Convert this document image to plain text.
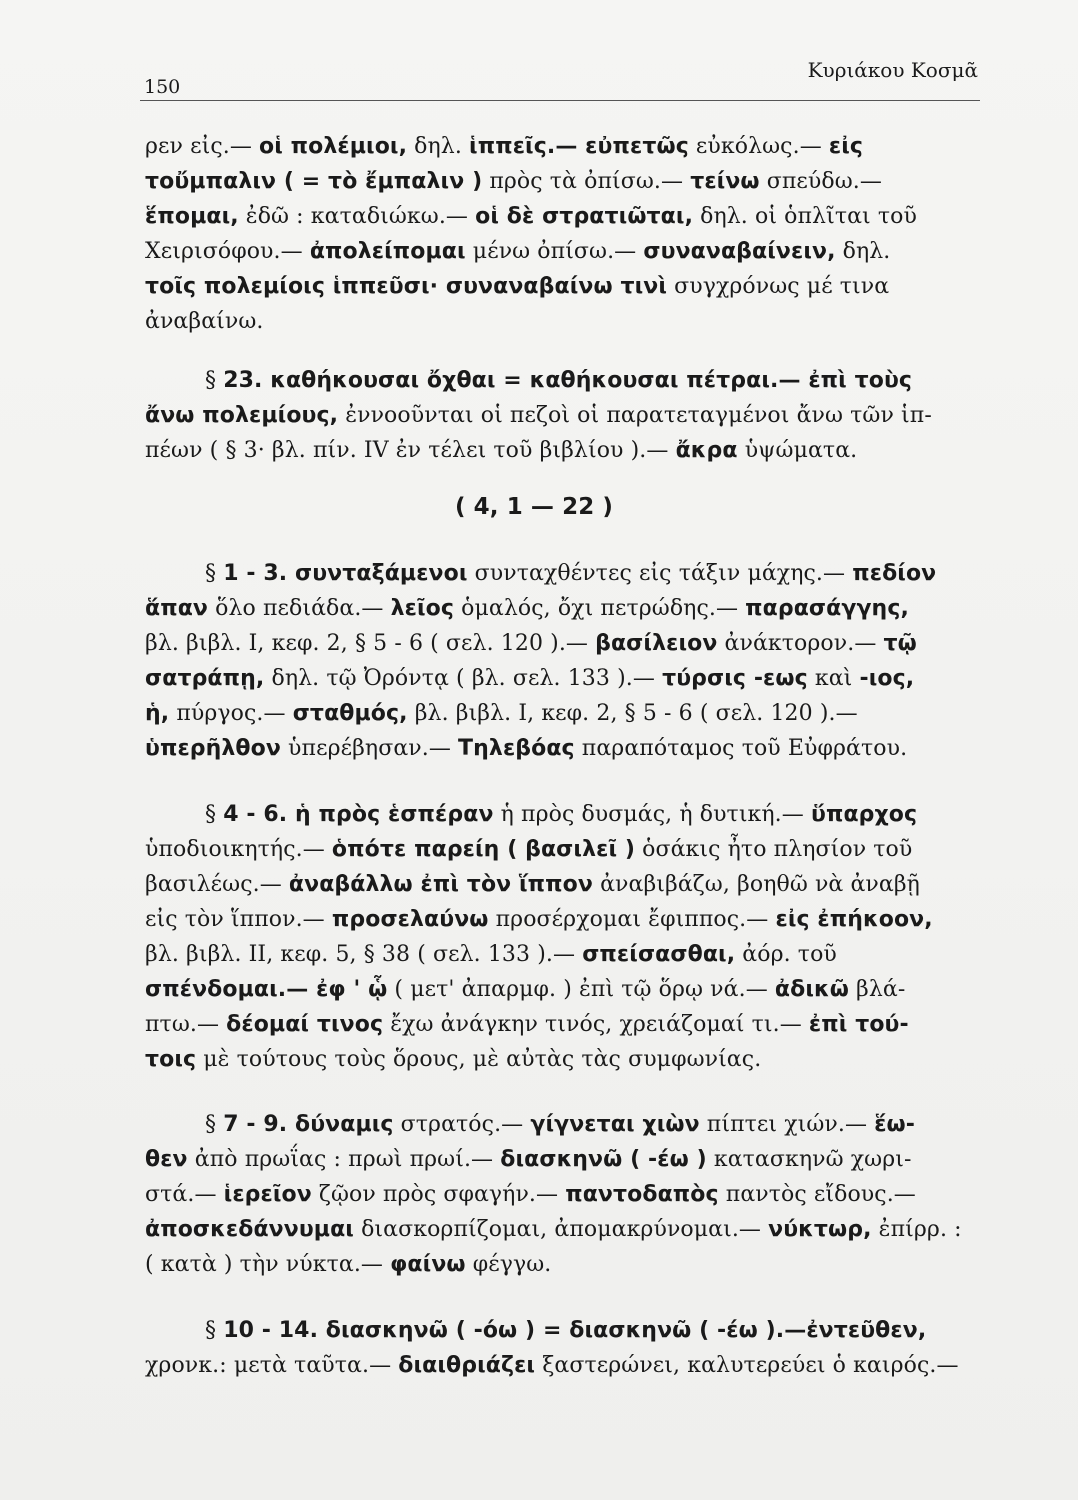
150
Κυριάκου Κοσμᾶ
ρεν εἰς.— οἱ πολέμιοι, δηλ. ἱππεῖς.— εὐπετῶς εὐκόλως.— εἰς
τοὔμπαλιν ( = τὸ ἔμπαλιν ) πρὸς τὰ ὀπίσω.— τείνω σπεύδω.—
ἕπομαι, ἐδῶ : καταδιώκω.— οἱ δὲ στρατιῶται, δηλ. οἱ ὁπλῖται τοῦ
Χειρισόφου.— ἀπολείπομαι μένω ὀπίσω.— συναναβαίνειν, δηλ.
τοῖς πολεμίοις ἱππεῦσι· συναναβαίνω τινὶ συγχρόνως μέ τινα
ἀναβαίνω.
§ 23. καθήκουσαι ὄχθαι = καθήκουσαι πέτραι.— ἐπὶ τοὺς
ἄνω πολεμίους, ἐννοοῦνται οἱ πεζοὶ οἱ παρατεταγμένοι ἄνω τῶν ἱπ-
πέων ( § 3· βλ. πίν. IV ἐν τέλει τοῦ βιβλίου ).— ἄκρα ὑψώματα.
( 4, 1 — 22 )
§ 1 - 3. συνταξάμενοι συνταχθέντες εἰς τάξιν μάχης.— πεδίον
ἅπαν ὅλο πεδιάδα.— λεῖος ὁμαλός, ὄχι πετρώδης.— παρασάγγης,
βλ. βιβλ. I, κεφ. 2, § 5 - 6 ( σελ. 120 ).— βασίλειον ἀνάκτορον.— τῷ
σατράπῃ, δηλ. τῷ Ὀρόντᾳ ( βλ. σελ. 133 ).— τύρσις -εως καὶ -ιος,
ἡ, πύργος.— σταθμός, βλ. βιβλ. I, κεφ. 2, § 5 - 6 ( σελ. 120 ).—
ὑπερῆλθον ὑπερέβησαν.— Τηλεβόας παραπόταμος τοῦ Εὐφράτου.
§ 4 - 6. ἡ πρὸς ἑσπέραν ἡ πρὸς δυσμάς, ἡ δυτική.— ὕπαρχος
ὑποδιοικητής.— ὁπότε παρείη ( βασιλεῖ ) ὁσάκις ἦτο πλησίον τοῦ
βασιλέως.— ἀναβάλλω ἐπὶ τὸν ἵππον ἀναβιβάζω, βοηθῶ νὰ ἀναβῇ
εἰς τὸν ἵππον.— προσελαύνω προσέρχομαι ἔφιππος.— εἰς ἐπήκοον,
βλ. βιβλ. II, κεφ. 5, § 38 ( σελ. 133 ).— σπείσασθαι, ἀόρ. τοῦ
σπένδομαι.— ἐφ ' ᾧ ( μετ' ἀπαρμφ. ) ἐπὶ τῷ ὅρῳ νά.— ἀδικῶ βλά-
πτω.— δέομαί τινος ἔχω ἀνάγκην τινός, χρειάζομαί τι.— ἐπὶ τού-
τοις μὲ τούτους τοὺς ὅρους, μὲ αὐτὰς τὰς συμφωνίας.
§ 7 - 9. δύναμις στρατός.— γίγνεται χιὼν πίπτει χιών.— ἕω-
θεν ἀπὸ πρωΐας : πρωὶ πρωί.— διασκηνῶ ( -έω ) κατασκηνῶ χωρι-
στά.— ἱερεῖον ζῷον πρὸς σφαγήν.— παντοδαπὸς παντὸς εἴδους.—
ἀποσκεδάννυμαι διασκορπίζομαι, ἀπομακρύνομαι.— νύκτωρ, ἐπίρρ. :
( κατὰ ) τὴν νύκτα.— φαίνω φέγγω.
§ 10 - 14. διασκηνῶ ( -όω ) = διασκηνῶ ( -έω ).—ἐντεῦθεν,
χρονκ.: μετὰ ταῦτα.— διαιθριάζει ξαστερώνει, καλυτερεύει ὁ καιρός.—
